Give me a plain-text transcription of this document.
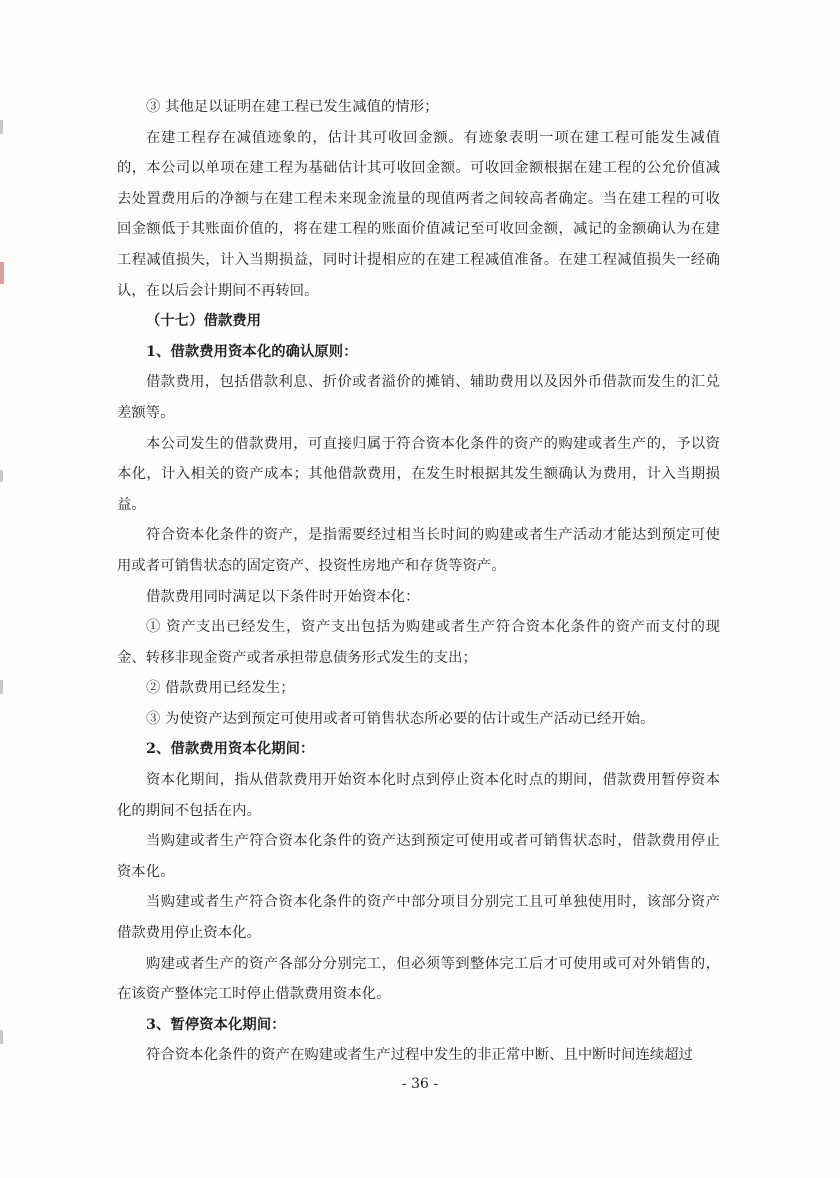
③ 其他足以证明在建工程已发生减值的情形；

在建工程存在减值迹象的，估计其可收回金额。有迹象表明一项在建工程可能发生减值的，本公司以单项在建工程为基础估计其可收回金额。可收回金额根据在建工程的公允价值减去处置费用后的净额与在建工程未来现金流量的现值两者之间较高者确定。当在建工程的可收回金额低于其账面价值的，将在建工程的账面价值减记至可收回金额，减记的金额确认为在建工程减值损失，计入当期损益，同时计提相应的在建工程减值准备。在建工程减值损失一经确认，在以后会计期间不再转回。

（十七）借款费用

1、借款费用资本化的确认原则：

借款费用，包括借款利息、折价或者溢价的摊销、辅助费用以及因外币借款而发生的汇兑差额等。

本公司发生的借款费用，可直接归属于符合资本化条件的资产的购建或者生产的，予以资本化，计入相关的资产成本；其他借款费用，在发生时根据其发生额确认为费用，计入当期损益。

符合资本化条件的资产，是指需要经过相当长时间的购建或者生产活动才能达到预定可使用或者可销售状态的固定资产、投资性房地产和存货等资产。

借款费用同时满足以下条件时开始资本化：

① 资产支出已经发生，资产支出包括为购建或者生产符合资本化条件的资产而支付的现金、转移非现金资产或者承担带息债务形式发生的支出；

② 借款费用已经发生；

③ 为使资产达到预定可使用或者可销售状态所必要的估计或生产活动已经开始。

2、借款费用资本化期间：

资本化期间，指从借款费用开始资本化时点到停止资本化时点的期间，借款费用暂停资本化的期间不包括在内。

当购建或者生产符合资本化条件的资产达到预定可使用或者可销售状态时，借款费用停止资本化。

当购建或者生产符合资本化条件的资产中部分项目分别完工且可单独使用时，该部分资产借款费用停止资本化。

购建或者生产的资产各部分分别完工，但必须等到整体完工后才可使用或可对外销售的，在该资产整体完工时停止借款费用资本化。

3、暂停资本化期间：

符合资本化条件的资产在购建或者生产过程中发生的非正常中断、且中断时间连续超过

- 36 -
